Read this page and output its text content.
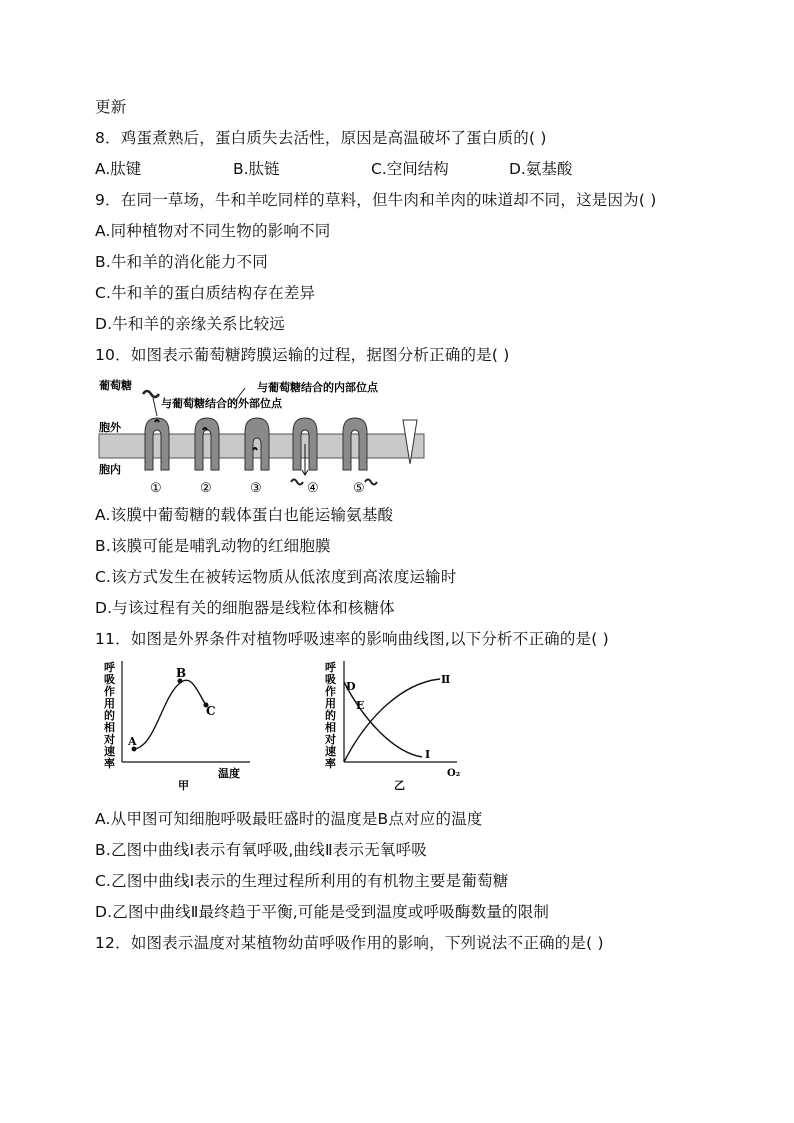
更新
8．鸡蛋煮熟后，蛋白质失去活性，原因是高温破坏了蛋白质的( )
A.肽键	B.肽链	C.空间结构	D.氨基酸
9．在同一草场，牛和羊吃同样的草料，但牛肉和羊肉的味道却不同，这是因为( )
A.同种植物对不同生物的影响不同
B.牛和羊的消化能力不同
C.牛和羊的蛋白质结构存在差异
D.牛和羊的亲缘关系比较远
10．如图表示葡萄糖跨膜运输的过程，据图分析正确的是( )
葡萄糖
与葡萄糖结合的外部位点
与葡萄糖结合的内部位点
胞外
胞内
①	②	③	④	⑤
A.该膜中葡萄糖的载体蛋白也能运输氨基酸
B.该膜可能是哺乳动物的红细胞膜
C.该方式发生在被转运物质从低浓度到高浓度运输时
D.与该过程有关的细胞器是线粒体和核糖体
11．如图是外界条件对植物呼吸速率的影响曲线图,以下分析不正确的是( )
呼吸作用的相对速率
A
B
C
温度
甲
呼吸作用的相对速率
D
E
Ⅰ
Ⅱ
O₂
乙
A.从甲图可知细胞呼吸最旺盛时的温度是B点对应的温度
B.乙图中曲线Ⅰ表示有氧呼吸,曲线Ⅱ表示无氧呼吸
C.乙图中曲线Ⅰ表示的生理过程所利用的有机物主要是葡萄糖
D.乙图中曲线Ⅱ最终趋于平衡,可能是受到温度或呼吸酶数量的限制
12．如图表示温度对某植物幼苗呼吸作用的影响，下列说法不正确的是( )
